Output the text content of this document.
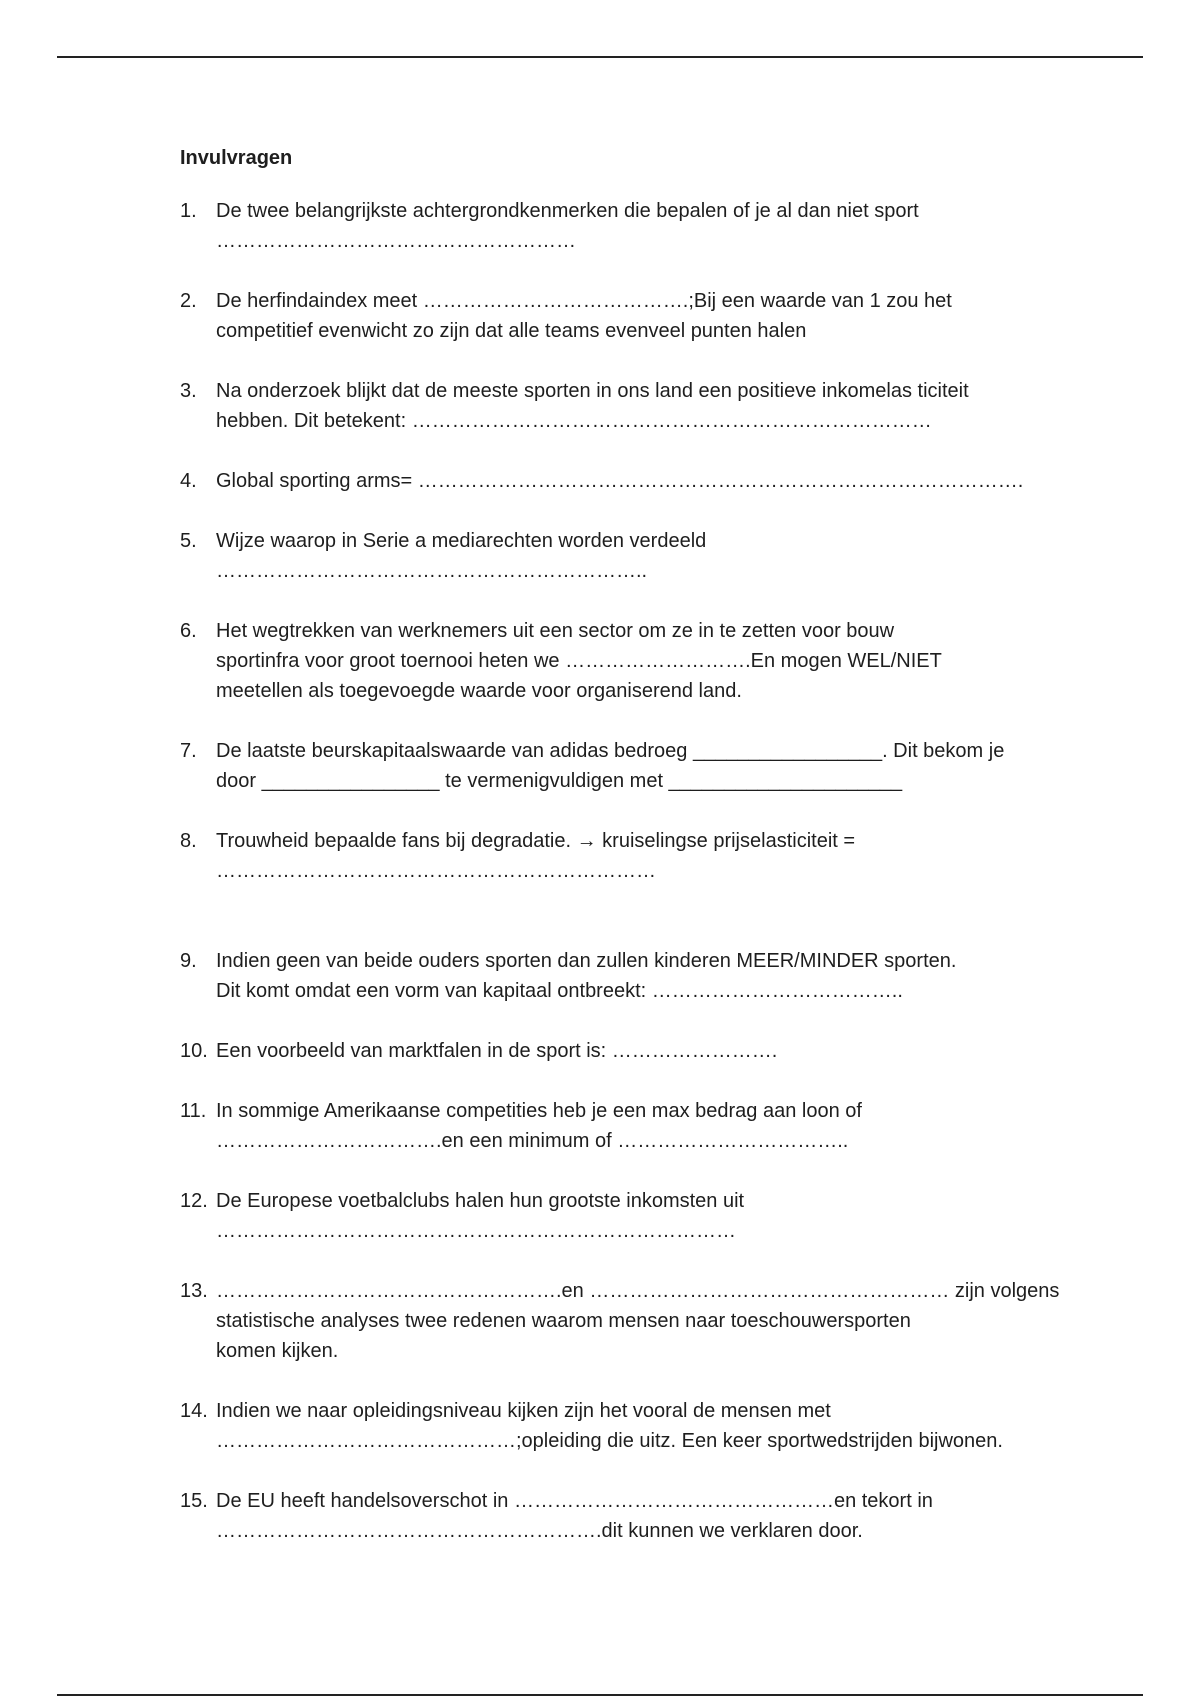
Invulvragen
1. De twee belangrijkste achtergrondkenmerken die bepalen of je al dan niet sport
………………………………………………
2. De herfindaindex meet ………………………………….;Bij een waarde van 1 zou het
competitief evenwicht zo zijn dat alle teams evenveel punten halen
3. Na onderzoek blijkt dat de meeste sporten in ons land een positieve inkomelas ticiteit
hebben. Dit betekent: ……………………………………………………………………
4. Global sporting arms= ……………………………………………………………………………….
5. Wijze waarop in Serie a mediarechten worden verdeeld
………………………………………………………..
6. Het wegtrekken van werknemers uit een sector om ze in te zetten voor bouw
sportinfra voor groot toernooi heten we ……………………….En mogen WEL/NIET
meetellen als toegevoegde waarde voor organiserend land.
7. De laatste beurskapitaalswaarde van adidas bedroeg _________________. Dit bekom je
door ________________ te vermenigvuldigen met _____________________
8. Trouwheid bepaalde fans bij degradatie. → kruiselingse prijselasticiteit =
…………………………………………………………
9. Indien geen van beide ouders sporten dan zullen kinderen MEER/MINDER sporten.
Dit komt omdat een vorm van kapitaal ontbreekt: ………………………………..
10. Een voorbeeld van marktfalen in de sport is: …………………….
11. In sommige Amerikaanse competities heb je een max bedrag aan loon of
…………………………….en een minimum of ……………………………..
12. De Europese voetbalclubs halen hun grootste inkomsten uit
……………………………………………………………………
13. …………………………………………….en ……………………………………………… zijn volgens
statistische analyses twee redenen waarom mensen naar toeschouwersporten
komen kijken.
14. Indien we naar opleidingsniveau kijken zijn het vooral de mensen met
………………………………………;opleiding die uitz. Een keer sportwedstrijden bijwonen.
15. De EU heeft handelsoverschot in …………………………………………en tekort in
………………………………………………….dit kunnen we verklaren door.
